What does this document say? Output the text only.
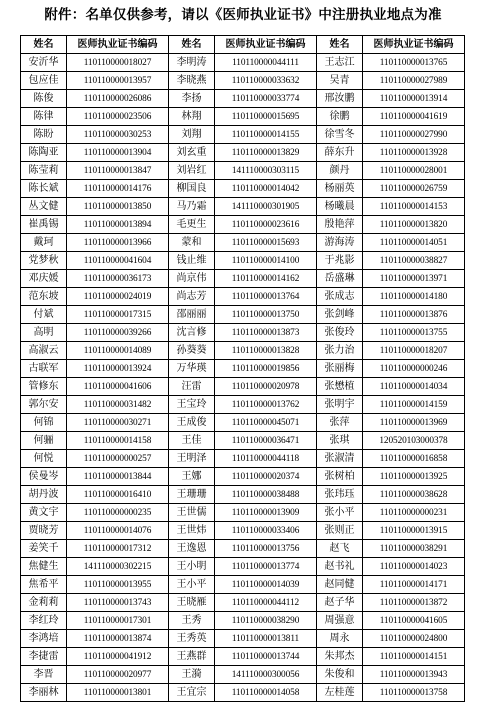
附件：名单仅供参考，请以《医师执业证书》中注册执业地点为准
姓名	医师执业证书编码	姓名	医师执业证书编码	姓名	医师执业证书编码
安沂华	110110000018027	李明涛	110110000044111	王志江	110110000013765
包应佳	110110000013957	李晓燕	110110000033632	吴青	110110000027989
陈俊	110110000026086	李扬	110110000033774	邢汝鹏	110110000013914
陈律	110110000023506	林翔	110110000015695	徐鹏	110110000041619
陈盼	110110000030253	刘翔	110110000014155	徐雪冬	110110000027990
陈陶亚	110110000013904	刘玄重	110110000013829	薛东升	110110000013928
陈莹莉	110110000013847	刘岩红	141110000303115	颜丹	110110000028001
陈长斌	110110000014176	柳国良	110110000014042	杨丽英	110110000026759
丛文健	110110000013850	马乃霜	141110000301905	杨曦晨	110110000014153
崔禹锡	110110000013894	毛更生	110110000023616	殷艳萍	110110000013820
戴珂	110110000013966	蒙和	110110000015693	游海涛	110110000014051
党梦秋	110110000041604	钱止维	110110000014100	于兆影	110110000038827
邓庆媛	110110000036173	尚京伟	110110000014162	岳盛琳	110110000013971
范东坡	110110000024019	尚志芳	110110000013764	张成志	110110000014180
付斌	110110000017315	邵丽丽	110110000013750	张剑峰	110110000013876
高明	110110000039266	沈言修	110110000013873	张俊玲	110110000013755
高淑云	110110000014089	孙葵葵	110110000013828	张力治	110110000018207
古联军	110110000013924	万华瑛	110110000019856	张丽梅	110110000000246
管修东	110110000041606	汪雷	110110000020978	张懋植	110110000014034
郭尔安	110110000031482	王宝玲	110110000013762	张明宇	110110000014159
何锦	110110000030271	王成俊	110110000045071	张萍	110110000013969
何骊	110110000014158	王佳	110110000036471	张琪	120520103000378
何悦	110110000000257	王明泽	110110000044118	张淑清	110110000016858
侯曼岑	110110000013844	王娜	110110000020374	张树柏	110110000013925
胡丹波	110110000016410	王珊珊	110110000038488	张玮珏	110110000038628
黄文宇	110110000000235	王世儒	110110000013909	张小平	110110000000231
贾晓芳	110110000014076	王世炜	110110000033406	张则正	110110000013915
姜笑千	110110000017312	王逸恩	110110000013756	赵飞	110110000038291
焦健生	141110000302215	王小明	110110000013774	赵书礼	110110000014023
焦希平	110110000013955	王小平	110110000014039	赵同健	110110000014171
金莉莉	110110000013743	王晓雁	110110000044112	赵子华	110110000013872
李红玲	110110000017301	王秀	110110000038290	周强意	110110000041605
李鸿培	110110000013874	王秀英	110110000013811	周永	110110000024800
李捷雷	110110000041912	王燕群	110110000013744	朱邦杰	110110000014151
李晋	110110000020977	王漪	141110000300056	朱俊和	110110000013943
李丽林	110110000013801	王宜宗	110110000014058	左桂莲	110110000013758
